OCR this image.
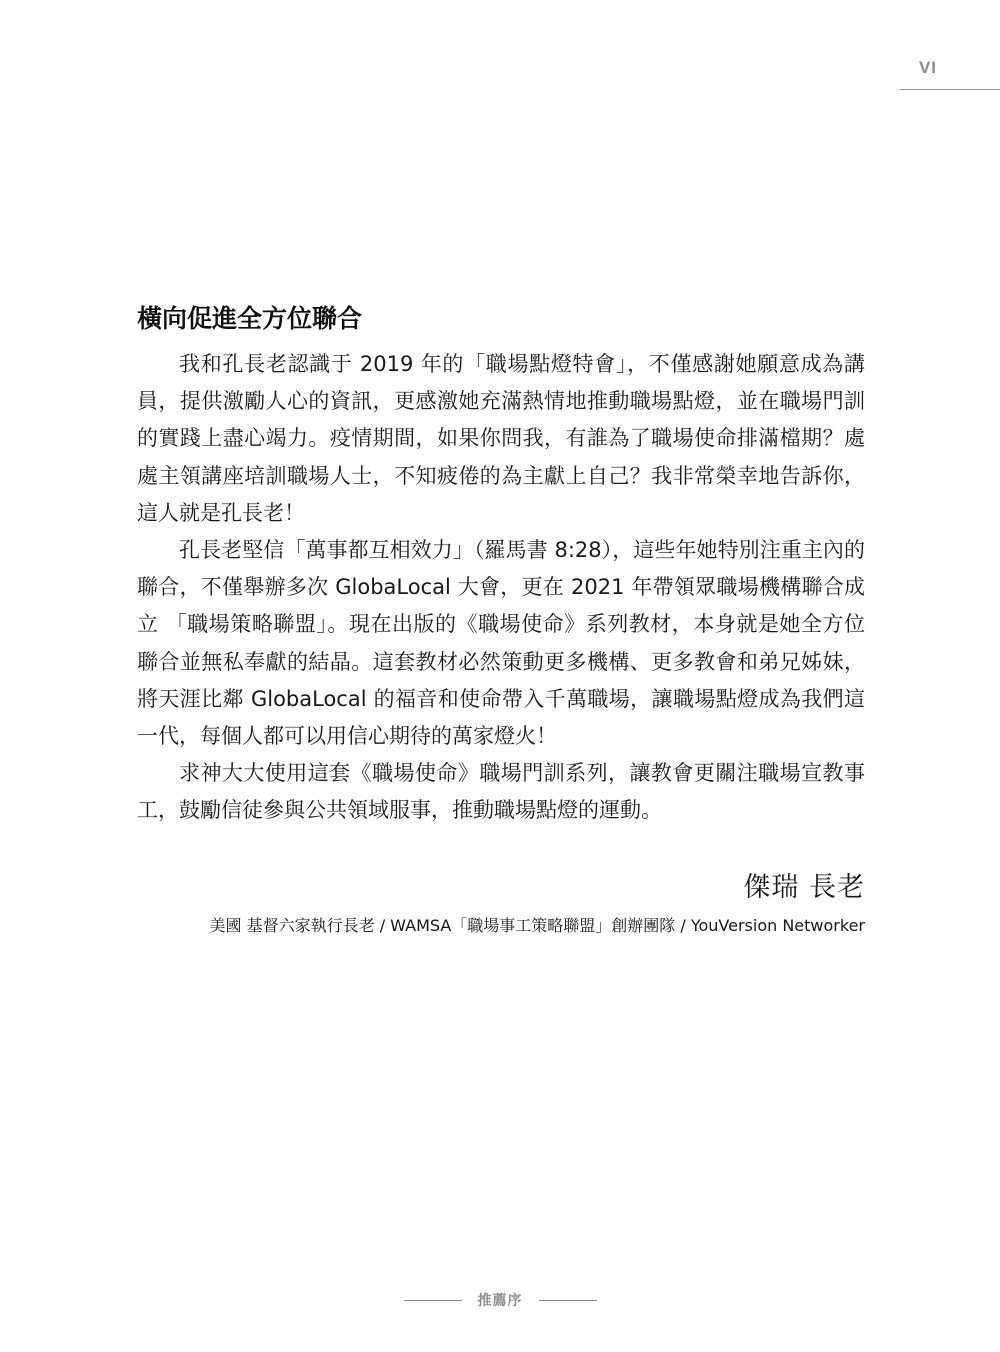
VI
橫向促進全方位聯合

我和孔長老認識于 2019 年的「職場點燈特會」，不僅感謝她願意成為講員，提供激勵人心的資訊，更感激她充滿熱情地推動職場點燈，並在職場門訓的實踐上盡心竭力。疫情期間，如果你問我，有誰為了職場使命排滿檔期？處處主領講座培訓職場人士，不知疲倦的為主獻上自己？我非常榮幸地告訴你，這人就是孔長老！

孔長老堅信「萬事都互相效力」（羅馬書 8:28），這些年她特別注重主內的聯合，不僅舉辦多次 GlobaLocal 大會，更在 2021 年帶領眾職場機構聯合成立 「職場策略聯盟」。現在出版的《職場使命》系列教材，本身就是她全方位聯合並無私奉獻的結晶。這套教材必然策動更多機構、更多教會和弟兄姊妹，將天涯比鄰 GlobaLocal 的福音和使命帶入千萬職場，讓職場點燈成為我們這一代，每個人都可以用信心期待的萬家燈火！

求神大大使用這套《職場使命》職場門訓系列，讓教會更關注職場宣教事工，鼓勵信徒參與公共領域服事，推動職場點燈的運動。

傑瑞 長老
美國 基督六家執行長老 / WAMSA「職場事工策略聯盟」創辦團隊 / YouVersion Networker
推薦序
